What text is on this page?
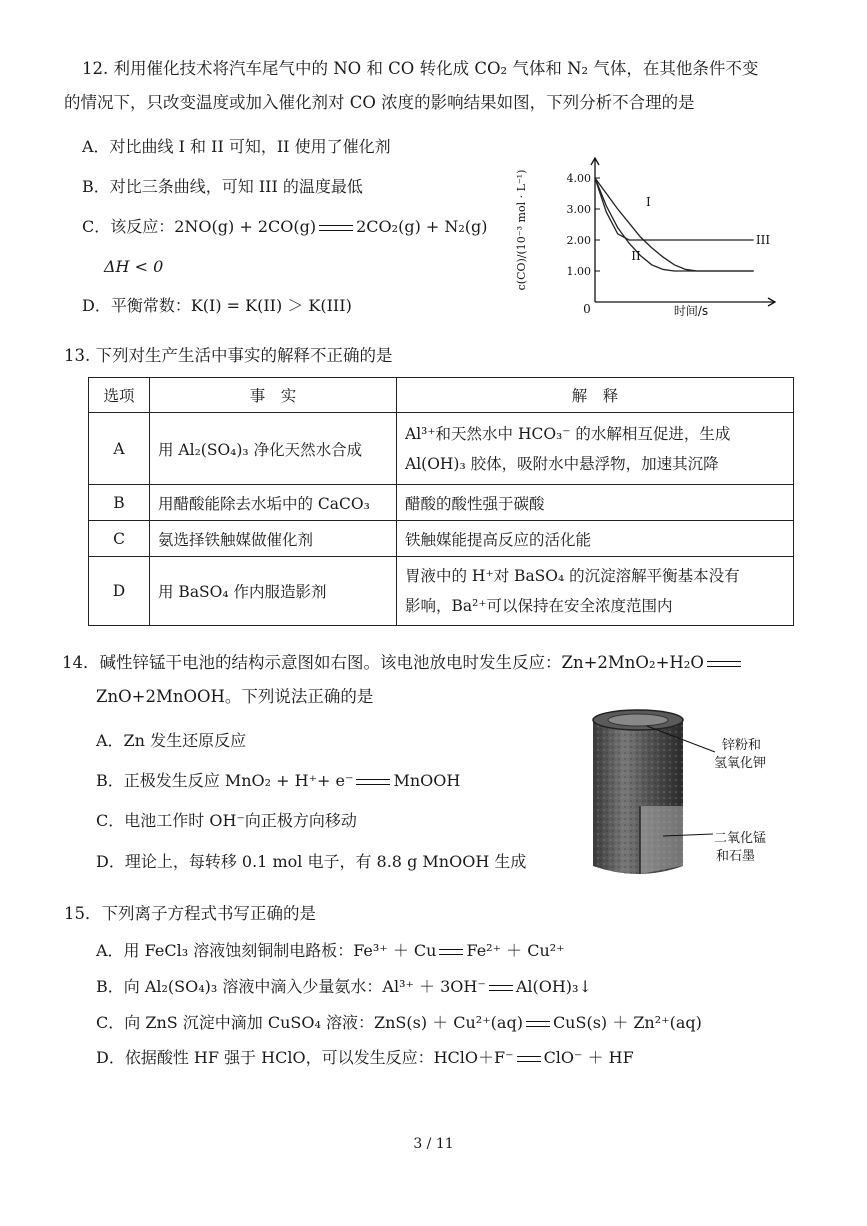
12. 利用催化技术将汽车尾气中的 NO 和 CO 转化成 CO₂ 气体和 N₂ 气体，在其他条件不变
的情况下，只改变温度或加入催化剂对 CO 浓度的影响结果如图，下列分析不合理的是
A．对比曲线 I 和 II 可知，II 使用了催化剂
B．对比三条曲线，可知 III 的温度最低
C．该反应：2NO(g) + 2CO(g)	2CO₂(g) + N₂(g)
ΔH < 0
D．平衡常数：K(I) = K(II) ＞ K(III)
c(CO)/(10⁻³ mol · L⁻¹)	4.00
3.00
2.00
1.00
I
II
III
0	时间/s
13. 下列对生产生活中事实的解释不正确的是
选项	事　实	解　释
A	用 Al₂(SO₄)₃ 净化天然水合成	Al³⁺和天然水中 HCO₃⁻ 的水解相互促进，生成
Al(OH)₃ 胶体，吸附水中悬浮物，加速其沉降

B	用醋酸能除去水垢中的 CaCO₃	醋酸的酸性强于碳酸
C	氨选择铁触媒做催化剂	铁触媒能提高反应的活化能
D	用 BaSO₄ 作内服造影剂	胃液中的 H⁺对 BaSO₄ 的沉淀溶解平衡基本没有
影响，Ba²⁺可以保持在安全浓度范围内
14．碱性锌锰干电池的结构示意图如右图。该电池放电时发生反应：Zn+2MnO₂+H₂O
ZnO+2MnOOH。下列说法正确的是
A．Zn 发生还原反应
B．正极发生反应 MnO₂ + H⁺+ e⁻	MnOOH
C．电池工作时 OH⁻向正极方向移动
D．理论上，每转移 0.1 mol 电子，有 8.8 g MnOOH 生成
锌粉和
氢氧化钾
二氧化锰
和石墨
15．下列离子方程式书写正确的是
A．用 FeCl₃ 溶液蚀刻铜制电路板：Fe³⁺ ＋ Cu Fe²⁺ ＋ Cu²⁺
B．向 Al₂(SO₄)₃ 溶液中滴入少量氨水：Al³⁺ ＋ 3OH⁻ Al(OH)₃↓
C．向 ZnS 沉淀中滴加 CuSO₄ 溶液：ZnS(s) ＋ Cu²⁺(aq) CuS(s) ＋ Zn²⁺(aq)
D．依据酸性 HF 强于 HClO，可以发生反应：HClO＋F⁻ ClO⁻ ＋ HF
3 / 11
